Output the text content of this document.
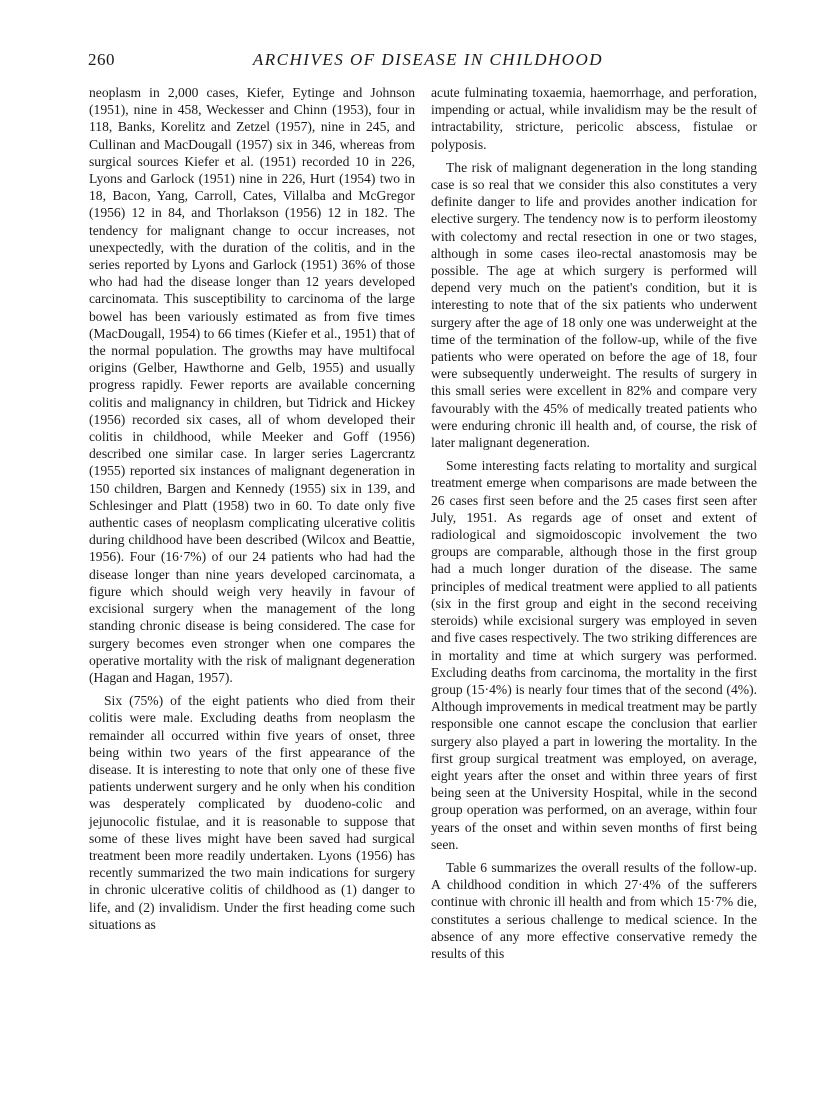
260	ARCHIVES OF DISEASE IN CHILDHOOD

neoplasm in 2,000 cases, Kiefer, Eytinge and Johnson (1951), nine in 458, Weckesser and Chinn (1953), four in 118, Banks, Korelitz and Zetzel (1957), nine in 245, and Cullinan and MacDougall (1957) six in 346, whereas from surgical sources Kiefer et al. (1951) recorded 10 in 226, Lyons and Garlock (1951) nine in 226, Hurt (1954) two in 18, Bacon, Yang, Carroll, Cates, Villalba and McGregor (1956) 12 in 84, and Thorlakson (1956) 12 in 182. The tendency for malignant change to occur increases, not unexpectedly, with the duration of the colitis, and in the series reported by Lyons and Garlock (1951) 36% of those who had had the disease longer than 12 years developed carcinomata. This susceptibility to carcinoma of the large bowel has been variously estimated as from five times (MacDougall, 1954) to 66 times (Kiefer et al., 1951) that of the normal population. The growths may have multifocal origins (Gelber, Hawthorne and Gelb, 1955) and usually progress rapidly. Fewer reports are available concerning colitis and malignancy in children, but Tidrick and Hickey (1956) recorded six cases, all of whom developed their colitis in childhood, while Meeker and Goff (1956) described one similar case. In larger series Lagercrantz (1955) reported six instances of malignant degeneration in 150 children, Bargen and Kennedy (1955) six in 139, and Schlesinger and Platt (1958) two in 60. To date only five authentic cases of neoplasm complicating ulcerative colitis during childhood have been described (Wilcox and Beattie, 1956). Four (16·7%) of our 24 patients who had had the disease longer than nine years developed carcinomata, a figure which should weigh very heavily in favour of excisional surgery when the management of the long standing chronic disease is being considered. The case for surgery becomes even stronger when one compares the operative mortality with the risk of malignant degeneration (Hagan and Hagan, 1957).

Six (75%) of the eight patients who died from their colitis were male. Excluding deaths from neoplasm the remainder all occurred within five years of onset, three being within two years of the first appearance of the disease. It is interesting to note that only one of these five patients underwent surgery and he only when his condition was desperately complicated by duodeno-colic and jejunocolic fistulae, and it is reasonable to suppose that some of these lives might have been saved had surgical treatment been more readily undertaken. Lyons (1956) has recently summarized the two main indications for surgery in chronic ulcerative colitis of childhood as (1) danger to life, and (2) invalidism. Under the first heading come such situations as

acute fulminating toxaemia, haemorrhage, and perforation, impending or actual, while invalidism may be the result of intractability, stricture, pericolic abscess, fistulae or polyposis.

The risk of malignant degeneration in the long standing case is so real that we consider this also constitutes a very definite danger to life and provides another indication for elective surgery. The tendency now is to perform ileostomy with colectomy and rectal resection in one or two stages, although in some cases ileo-rectal anastomosis may be possible. The age at which surgery is performed will depend very much on the patient's condition, but it is interesting to note that of the six patients who underwent surgery after the age of 18 only one was underweight at the time of the termination of the follow-up, while of the five patients who were operated on before the age of 18, four were subsequently underweight. The results of surgery in this small series were excellent in 82% and compare very favourably with the 45% of medically treated patients who were enduring chronic ill health and, of course, the risk of later malignant degeneration.

Some interesting facts relating to mortality and surgical treatment emerge when comparisons are made between the 26 cases first seen before and the 25 cases first seen after July, 1951. As regards age of onset and extent of radiological and sigmoidoscopic involvement the two groups are comparable, although those in the first group had a much longer duration of the disease. The same principles of medical treatment were applied to all patients (six in the first group and eight in the second receiving steroids) while excisional surgery was employed in seven and five cases respectively. The two striking differences are in mortality and time at which surgery was performed. Excluding deaths from carcinoma, the mortality in the first group (15·4%) is nearly four times that of the second (4%). Although improvements in medical treatment may be partly responsible one cannot escape the conclusion that earlier surgery also played a part in lowering the mortality. In the first group surgical treatment was employed, on average, eight years after the onset and within three years of first being seen at the University Hospital, while in the second group operation was performed, on an average, within four years of the onset and within seven months of first being seen.

Table 6 summarizes the overall results of the follow-up. A childhood condition in which 27·4% of the sufferers continue with chronic ill health and from which 15·7% die, constitutes a serious challenge to medical science. In the absence of any more effective conservative remedy the results of this
